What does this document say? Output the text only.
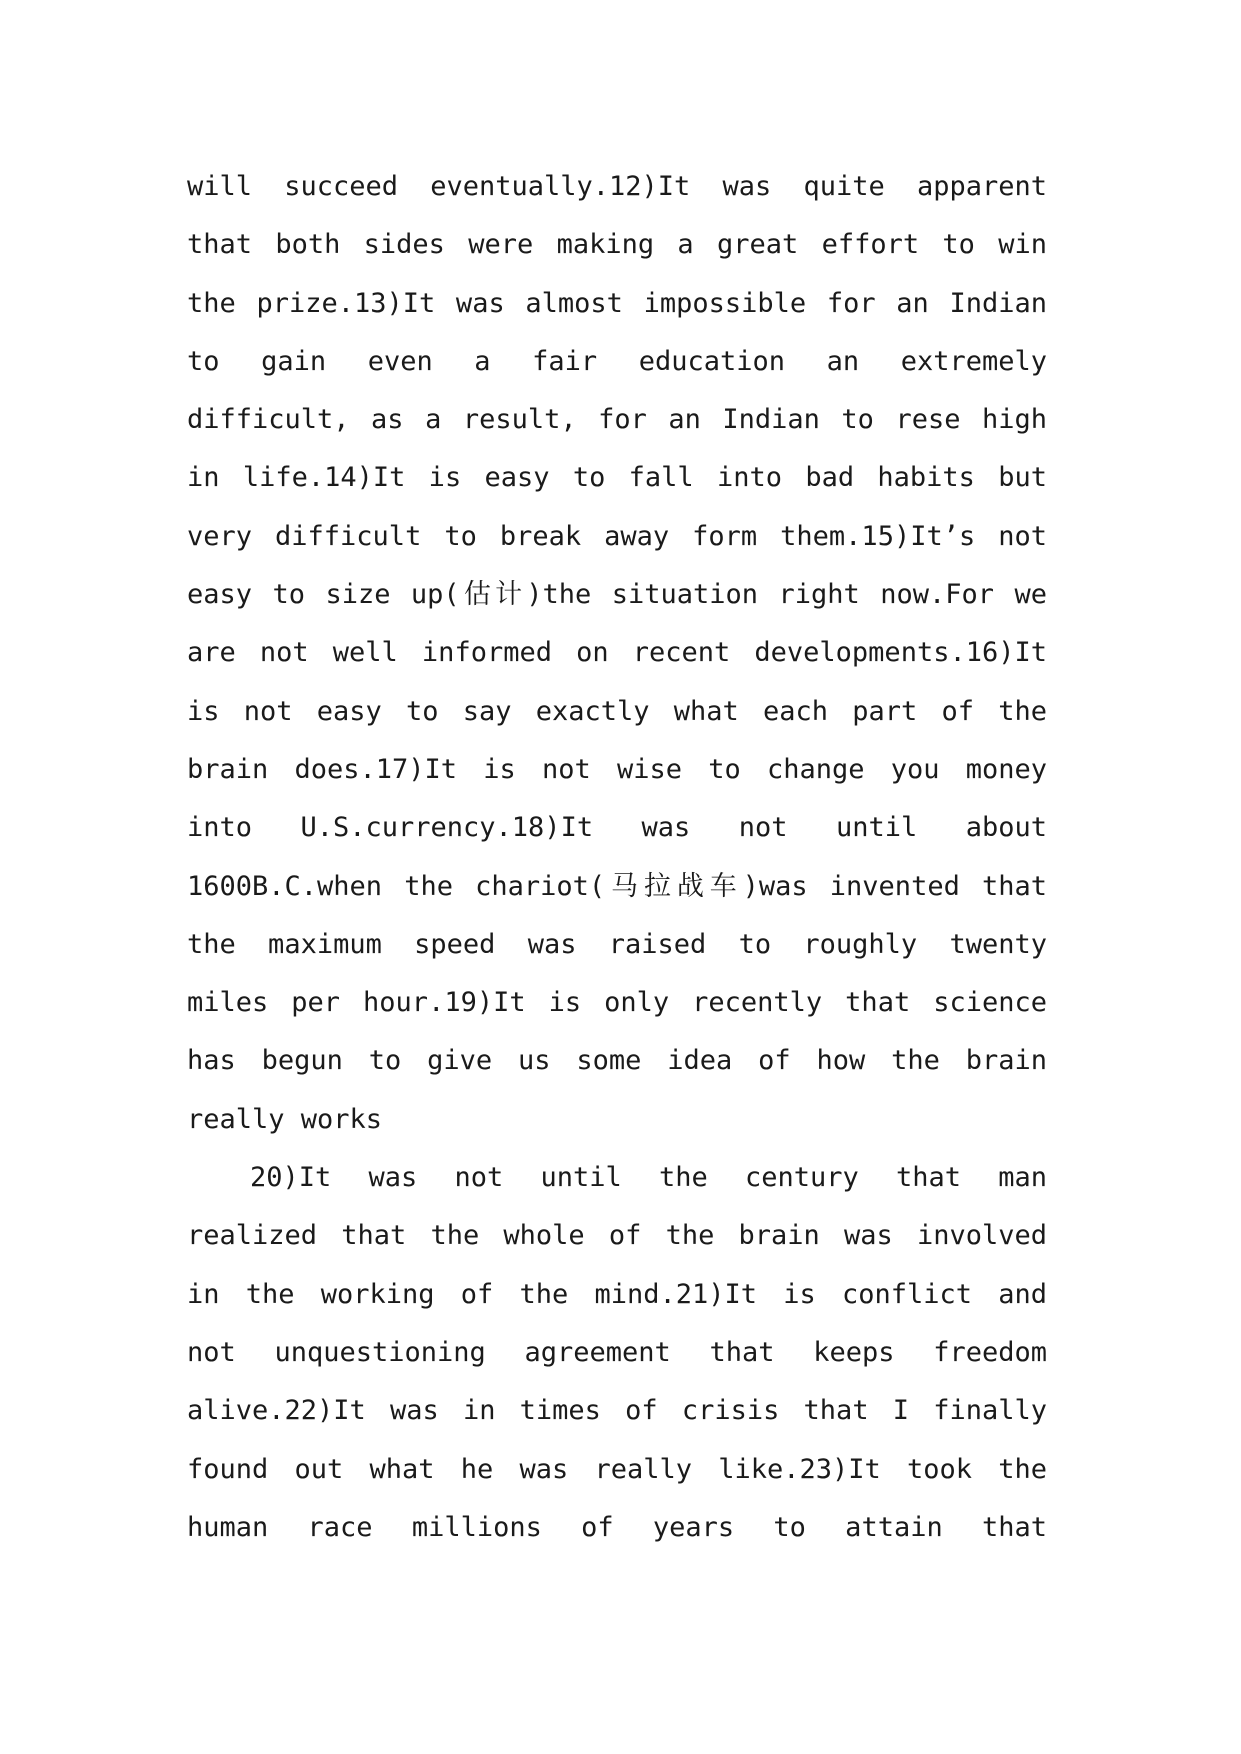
will succeed eventually.12)It was quite apparent
that both sides were making a great effort to win
the prize.13)It was almost impossible for an Indian
to gain even a fair education an extremely
difficult, as a result, for an Indian to rese high
in life.14)It is easy to fall into bad habits but
very difficult to break away form them.15)It’s not
easy to size up(估计)the situation right now.For we
are not well informed on recent developments.16)It
is not easy to say exactly what each part of the
brain does.17)It is not wise to change you money
into U.S.currency.18)It was not until about
1600B.C.when the chariot(马拉战车)was invented that
the maximum speed was raised to roughly twenty
miles per hour.19)It is only recently that science
has begun to give us some idea of how the brain
really works
20)It was not until the century that man
realized that the whole of the brain was involved
in the working of the mind.21)It is conflict and
not unquestioning agreement that keeps freedom
alive.22)It was in times of crisis that I finally
found out what he was really like.23)It took the
human race millions of years to attain that
